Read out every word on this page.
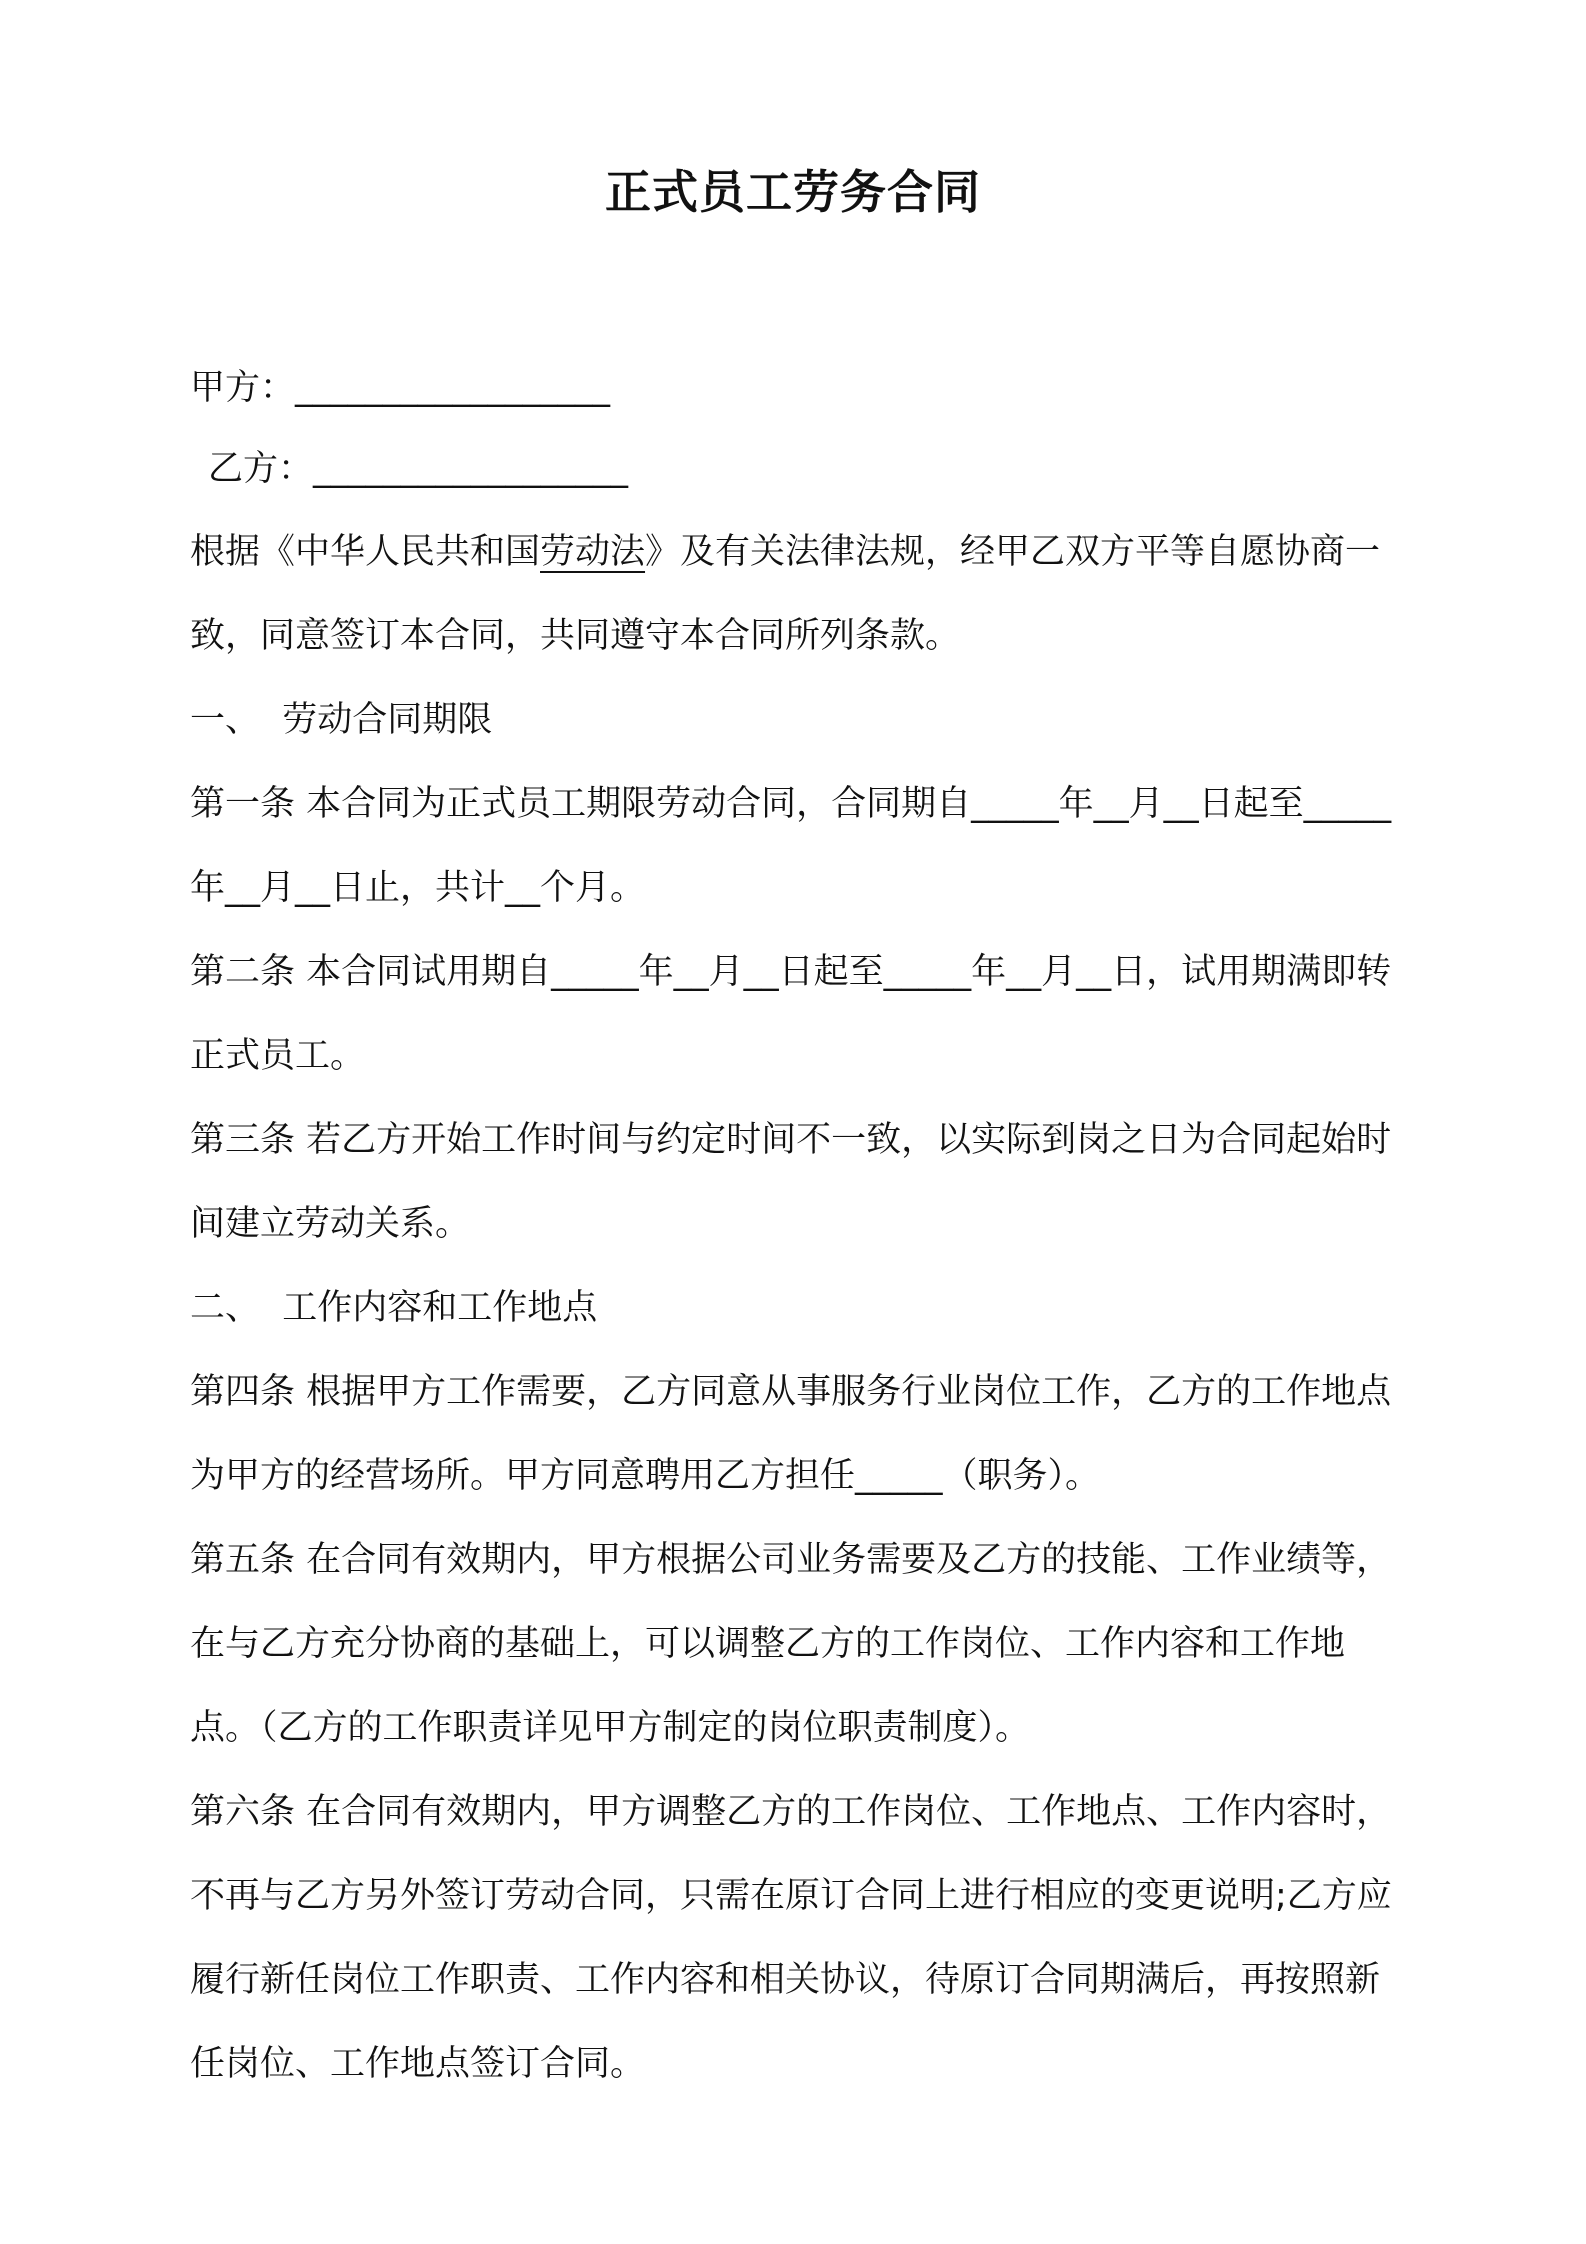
正式员工劳务合同
甲方：__________________
乙方：__________________

根据《中华人民共和国劳动法》及有关法律法规，经甲乙双方平等自愿协商一致，同意签订本合同，共同遵守本合同所列条款。

一、  劳动合同期限

第一条 本合同为正式员工期限劳动合同，合同期自_____年__月__日起至_____年__月__日止，共计__个月。

第二条 本合同试用期自_____年__月__日起至_____年__月__日，试用期满即转正式员工。

第三条 若乙方开始工作时间与约定时间不一致，以实际到岗之日为合同起始时间建立劳动关系。

二、  工作内容和工作地点

第四条 根据甲方工作需要，乙方同意从事服务行业岗位工作，乙方的工作地点为甲方的经营场所。甲方同意聘用乙方担任_____（职务）。

第五条 在合同有效期内，甲方根据公司业务需要及乙方的技能、工作业绩等，在与乙方充分协商的基础上，可以调整乙方的工作岗位、工作内容和工作地点。（乙方的工作职责详见甲方制定的岗位职责制度）。

第六条 在合同有效期内，甲方调整乙方的工作岗位、工作地点、工作内容时，不再与乙方另外签订劳动合同，只需在原订合同上进行相应的变更说明;乙方应履行新任岗位工作职责、工作内容和相关协议，待原订合同期满后，再按照新任岗位、工作地点签订合同。
